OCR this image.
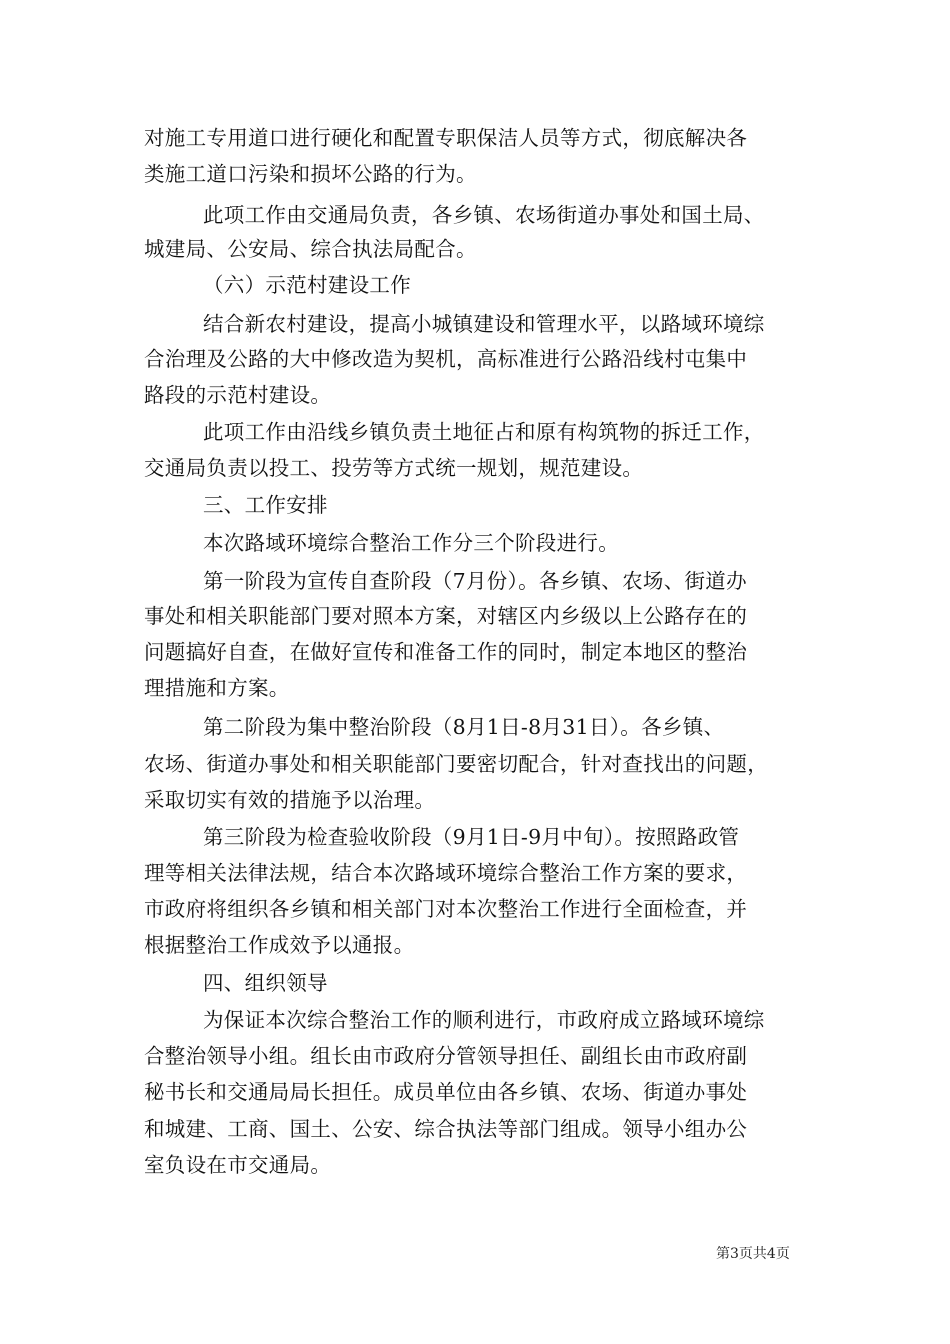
对施工专用道口进行硬化和配置专职保洁人员等方式，彻底解决各
类施工道口污染和损坏公路的行为。
此项工作由交通局负责，各乡镇、农场街道办事处和国土局、
城建局、公安局、综合执法局配合。
（六）示范村建设工作
结合新农村建设，提高小城镇建设和管理水平，以路域环境综
合治理及公路的大中修改造为契机，高标准进行公路沿线村屯集中
路段的示范村建设。
此项工作由沿线乡镇负责土地征占和原有构筑物的拆迁工作，
交通局负责以投工、投劳等方式统一规划，规范建设。
三、工作安排
本次路域环境综合整治工作分三个阶段进行。
第一阶段为宣传自查阶段（7月份）。各乡镇、农场、街道办
事处和相关职能部门要对照本方案，对辖区内乡级以上公路存在的
问题搞好自查，在做好宣传和准备工作的同时，制定本地区的整治
理措施和方案。
第二阶段为集中整治阶段（8月1日-8月31日）。各乡镇、
农场、街道办事处和相关职能部门要密切配合，针对查找出的问题，
采取切实有效的措施予以治理。
第三阶段为检查验收阶段（9月1日-9月中旬）。按照路政管
理等相关法律法规，结合本次路域环境综合整治工作方案的要求，
市政府将组织各乡镇和相关部门对本次整治工作进行全面检查，并
根据整治工作成效予以通报。
四、组织领导
为保证本次综合整治工作的顺利进行，市政府成立路域环境综
合整治领导小组。组长由市政府分管领导担任、副组长由市政府副
秘书长和交通局局长担任。成员单位由各乡镇、农场、街道办事处
和城建、工商、国土、公安、综合执法等部门组成。领导小组办公
室负设在市交通局。
第3页共4页
